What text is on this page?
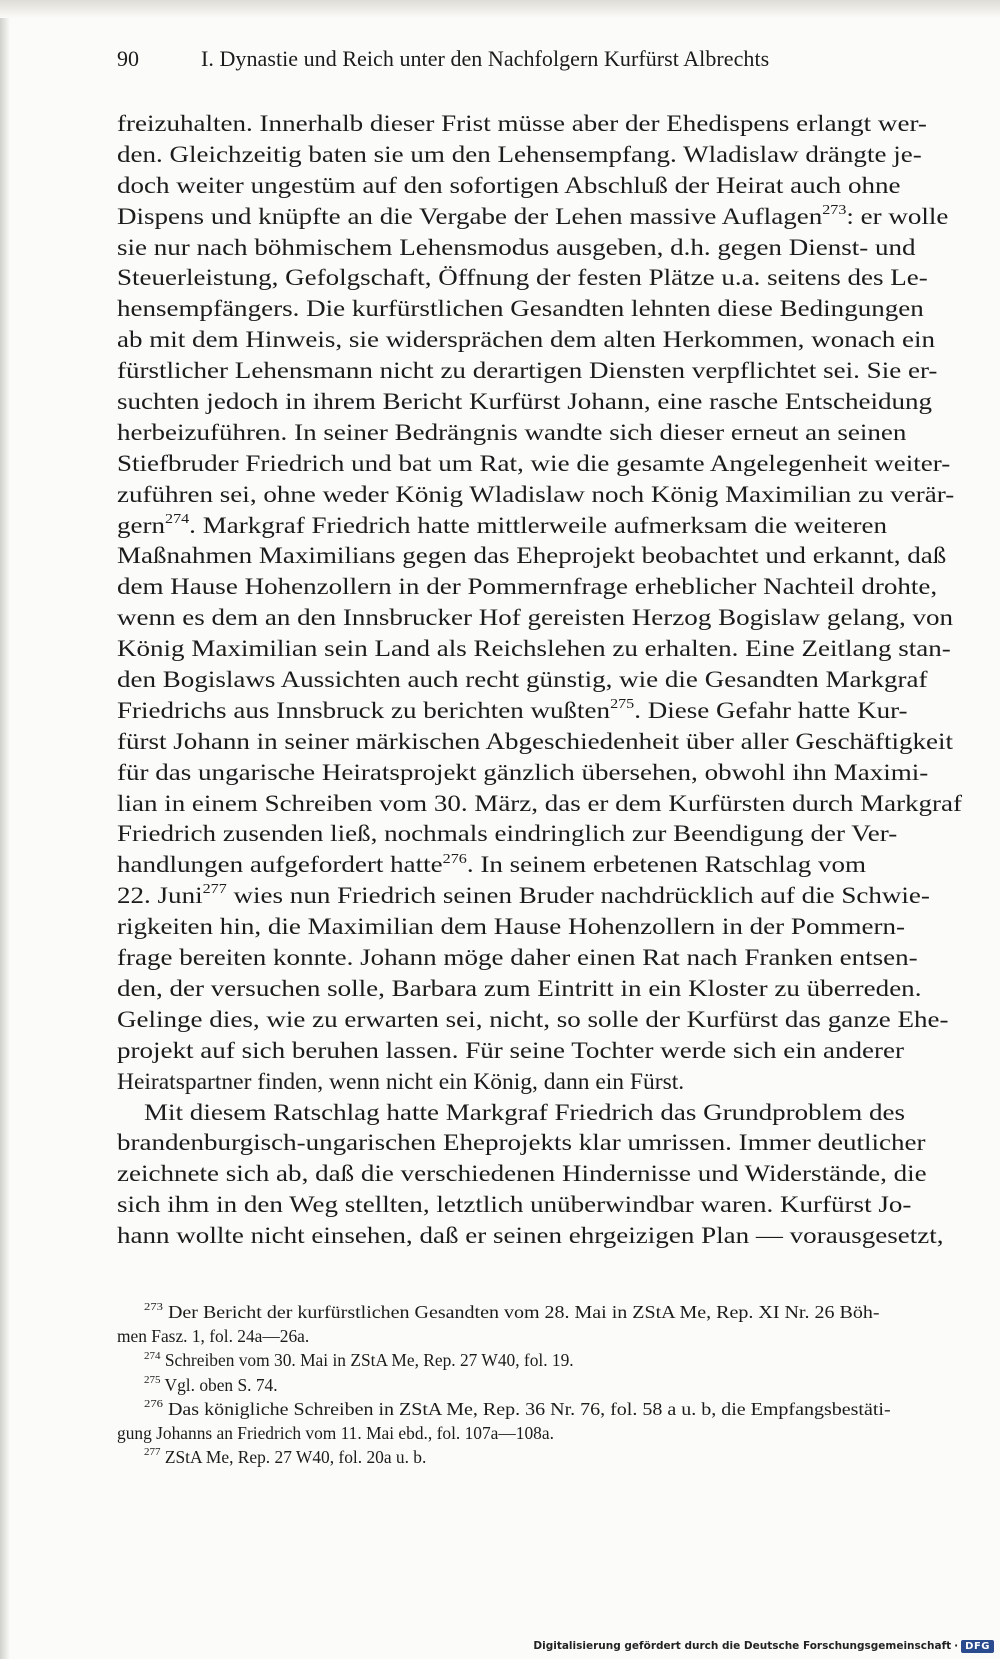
90	I. Dynastie und Reich unter den Nachfolgern Kurfürst Albrechts
freizuhalten. Innerhalb dieser Frist müsse aber der Ehedispens erlangt wer-
den. Gleichzeitig baten sie um den Lehensempfang. Wladislaw drängte je-
doch weiter ungestüm auf den sofortigen Abschluß der Heirat auch ohne
Dispens und knüpfte an die Vergabe der Lehen massive Auflagen$^{273}$: er wolle
sie nur nach böhmischem Lehensmodus ausgeben, d.h. gegen Dienst- und
Steuerleistung, Gefolgschaft, Öffnung der festen Plätze u.a. seitens des Le-
hensempfängers. Die kurfürstlichen Gesandten lehnten diese Bedingungen
ab mit dem Hinweis, sie widersprächen dem alten Herkommen, wonach ein
fürstlicher Lehensmann nicht zu derartigen Diensten verpflichtet sei. Sie er-
suchten jedoch in ihrem Bericht Kurfürst Johann, eine rasche Entscheidung
herbeizuführen. In seiner Bedrängnis wandte sich dieser erneut an seinen
Stiefbruder Friedrich und bat um Rat, wie die gesamte Angelegenheit weiter-
zuführen sei, ohne weder König Wladislaw noch König Maximilian zu verär-
gern$^{274}$. Markgraf Friedrich hatte mittlerweile aufmerksam die weiteren
Maßnahmen Maximilians gegen das Eheprojekt beobachtet und erkannt, daß
dem Hause Hohenzollern in der Pommernfrage erheblicher Nachteil drohte,
wenn es dem an den Innsbrucker Hof gereisten Herzog Bogislaw gelang, von
König Maximilian sein Land als Reichslehen zu erhalten. Eine Zeitlang stan-
den Bogislaws Aussichten auch recht günstig, wie die Gesandten Markgraf
Friedrichs aus Innsbruck zu berichten wußten$^{275}$. Diese Gefahr hatte Kur-
fürst Johann in seiner märkischen Abgeschiedenheit über aller Geschäftigkeit
für das ungarische Heiratsprojekt gänzlich übersehen, obwohl ihn Maximi-
lian in einem Schreiben vom 30. März, das er dem Kurfürsten durch Markgraf
Friedrich zusenden ließ, nochmals eindringlich zur Beendigung der Ver-
handlungen aufgefordert hatte$^{276}$. In seinem erbetenen Ratschlag vom
22. Juni$^{277}$ wies nun Friedrich seinen Bruder nachdrücklich auf die Schwie-
rigkeiten hin, die Maximilian dem Hause Hohenzollern in der Pommern-
frage bereiten konnte. Johann möge daher einen Rat nach Franken entsen-
den, der versuchen solle, Barbara zum Eintritt in ein Kloster zu überreden.
Gelinge dies, wie zu erwarten sei, nicht, so solle der Kurfürst das ganze Ehe-
projekt auf sich beruhen lassen. Für seine Tochter werde sich ein anderer
Heiratspartner finden, wenn nicht ein König, dann ein Fürst.
Mit diesem Ratschlag hatte Markgraf Friedrich das Grundproblem des
brandenburgisch-ungarischen Eheprojekts klar umrissen. Immer deutlicher
zeichnete sich ab, daß die verschiedenen Hindernisse und Widerstände, die
sich ihm in den Weg stellten, letztlich unüberwindbar waren. Kurfürst Jo-
hann wollte nicht einsehen, daß er seinen ehrgeizigen Plan — vorausgesetzt,
$^{273}$ Der Bericht der kurfürstlichen Gesandten vom 28. Mai in ZStA Me, Rep. XI Nr. 26 Böh-
men Fasz. 1, fol. 24a—26a.
$^{274}$ Schreiben vom 30. Mai in ZStA Me, Rep. 27 W40, fol. 19.
$^{275}$ Vgl. oben S. 74.
$^{276}$ Das königliche Schreiben in ZStA Me, Rep. 36 Nr. 76, fol. 58 a u. b, die Empfangsbestäti-
gung Johanns an Friedrich vom 11. Mai ebd., fol. 107a—108a.
$^{277}$ ZStA Me, Rep. 27 W40, fol. 20a u. b.
Digitalisierung gefördert durch die Deutsche Forschungsgemeinschaft · DFG
